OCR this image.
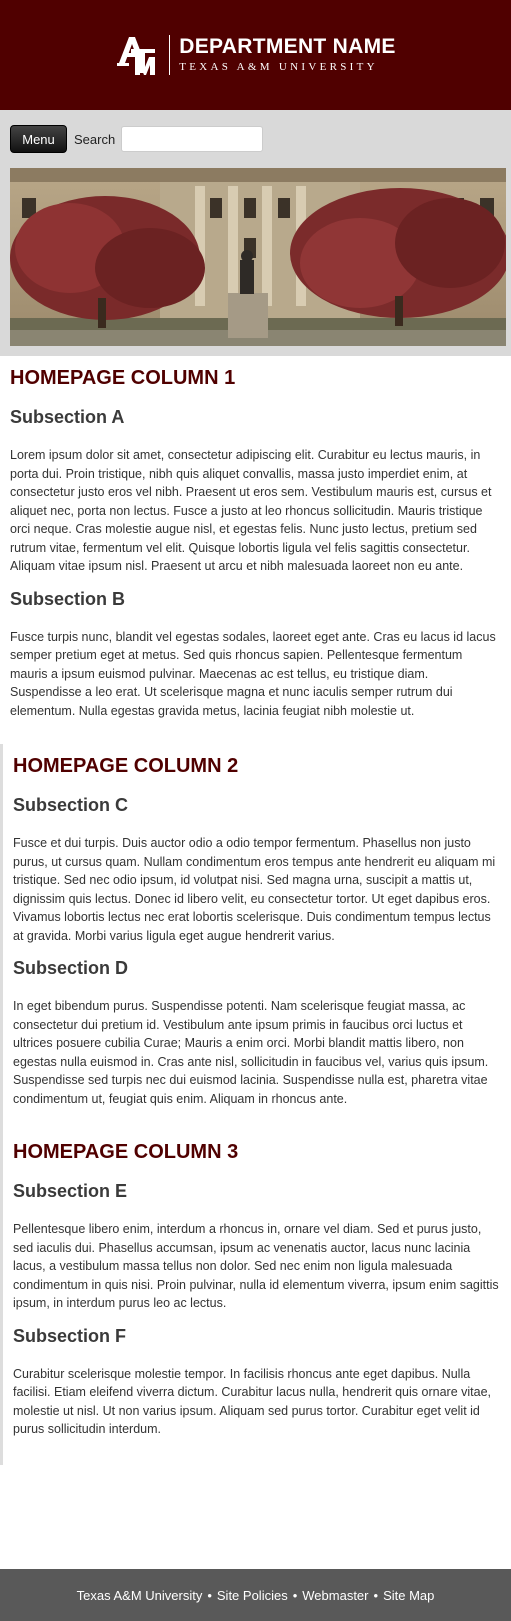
DEPARTMENT NAME
TEXAS A&M UNIVERSITY
Menu	Search
HOMEPAGE COLUMN 1
Subsection A

Lorem ipsum dolor sit amet, consectetur adipiscing elit. Curabitur eu lectus mauris, in porta dui. Proin tristique, nibh quis aliquet convallis, massa justo imperdiet enim, at consectetur justo eros vel nibh. Praesent ut eros sem. Vestibulum mauris est, cursus et aliquet nec, porta non lectus. Fusce a justo at leo rhoncus sollicitudin. Mauris tristique orci neque. Cras molestie augue nisl, et egestas felis. Nunc justo lectus, pretium sed rutrum vitae, fermentum vel elit. Quisque lobortis ligula vel felis sagittis consectetur. Aliquam vitae ipsum nisl. Praesent ut arcu et nibh malesuada laoreet non eu ante.

Subsection B

Fusce turpis nunc, blandit vel egestas sodales, laoreet eget ante. Cras eu lacus id lacus semper pretium eget at metus. Sed quis rhoncus sapien. Pellentesque fermentum mauris a ipsum euismod pulvinar. Maecenas ac est tellus, eu tristique diam. Suspendisse a leo erat. Ut scelerisque magna et nunc iaculis semper rutrum dui elementum. Nulla egestas gravida metus, lacinia feugiat nibh molestie ut.

HOMEPAGE COLUMN 2
Subsection C

Fusce et dui turpis. Duis auctor odio a odio tempor fermentum. Phasellus non justo purus, ut cursus quam. Nullam condimentum eros tempus ante hendrerit eu aliquam mi tristique. Sed nec odio ipsum, id volutpat nisi. Sed magna urna, suscipit a mattis ut, dignissim quis lectus. Donec id libero velit, eu consectetur tortor. Ut eget dapibus eros. Vivamus lobortis lectus nec erat lobortis scelerisque. Duis condimentum tempus lectus at gravida. Morbi varius ligula eget augue hendrerit varius.

Subsection D

In eget bibendum purus. Suspendisse potenti. Nam scelerisque feugiat massa, ac consectetur dui pretium id. Vestibulum ante ipsum primis in faucibus orci luctus et ultrices posuere cubilia Curae; Mauris a enim orci. Morbi blandit mattis libero, non egestas nulla euismod in. Cras ante nisl, sollicitudin in faucibus vel, varius quis ipsum. Suspendisse sed turpis nec dui euismod lacinia. Suspendisse nulla est, pharetra vitae condimentum ut, feugiat quis enim. Aliquam in rhoncus ante.

HOMEPAGE COLUMN 3
Subsection E

Pellentesque libero enim, interdum a rhoncus in, ornare vel diam. Sed et purus justo, sed iaculis dui. Phasellus accumsan, ipsum ac venenatis auctor, lacus nunc lacinia lacus, a vestibulum massa tellus non dolor. Sed nec enim non ligula malesuada condimentum in quis nisi. Proin pulvinar, nulla id elementum viverra, ipsum enim sagittis ipsum, in interdum purus leo ac lectus.

Subsection F

Curabitur scelerisque molestie tempor. In facilisis rhoncus ante eget dapibus. Nulla facilisi. Etiam eleifend viverra dictum. Curabitur lacus nulla, hendrerit quis ornare vitae, molestie ut nisl. Ut non varius ipsum. Aliquam sed purus tortor. Curabitur eget velit id purus sollicitudin interdum.

Texas A&M University • Site Policies • Webmaster • Site Map
